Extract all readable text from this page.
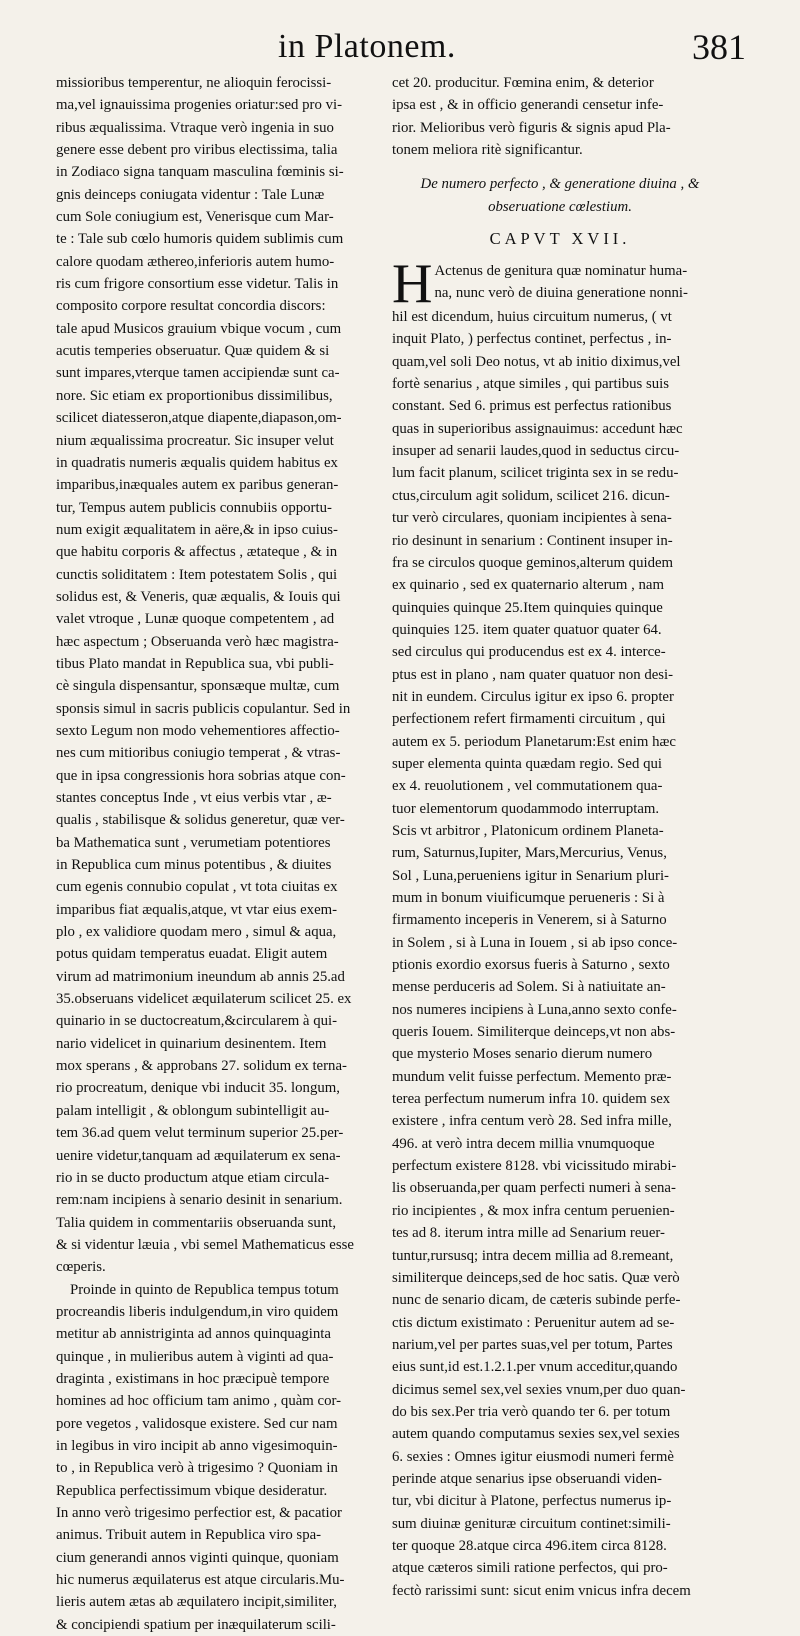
in Platonem.	381
missioribus temperentur, ne alioquin ferocissi-
ma,vel ignauissima progenies oriatur:sed pro vi-
ribus æqualissima. Vtraque verò ingenia in suo
genere esse debent pro viribus electissima, talia
in Zodiaco signa tanquam masculina fœminis si-
gnis deinceps coniugata videntur : Tale Lunæ
cum Sole coniugium est, Venerisque cum Mar-
te : Tale sub cœlo humoris quidem sublimis cum
calore quodam æthereo,inferioris autem humo-
ris cum frigore consortium esse videtur. Talis in
composito corpore resultat concordia discors:
tale apud Musicos grauium vbique vocum , cum
acutis temperies obseruatur. Quæ quidem & si
sunt impares,vterque tamen accipiendæ sunt ca-
nore. Sic etiam ex proportionibus dissimilibus,
scilicet diatesseron,atque diapente,diapason,om-
nium æqualissima procreatur. Sic insuper velut
in quadratis numeris æqualis quidem habitus ex
imparibus,inæquales autem ex paribus generan-
tur, Tempus autem publicis connubiis opportu-
num exigit æqualitatem in aëre,& in ipso cuius-
que habitu corporis & affectus , ætateque , & in
cunctis soliditatem : Item potestatem Solis , qui
solidus est, & Veneris, quæ æqualis, & Iouis qui
valet vtroque , Lunæ quoque competentem , ad
hæc aspectum ; Obseruanda verò hæc magistra-
tibus Plato mandat in Republica sua, vbi publi-
cè singula dispensantur, sponsæque multæ, cum
sponsis simul in sacris publicis copulantur. Sed in
sexto Legum non modo vehementiores affectio-
nes cum mitioribus coniugio temperat , & vtras-
que in ipsa congressionis hora sobrias atque con-
stantes conceptus Inde , vt eius verbis vtar , æ-
qualis , stabilisque & solidus generetur, quæ ver-
ba Mathematica sunt , verumetiam potentiores
in Republica cum minus potentibus , & diuites
cum egenis connubio copulat , vt tota ciuitas ex
imparibus fiat æqualis,atque, vt vtar eius exem-
plo , ex validiore quodam mero , simul & aqua,
potus quidam temperatus euadat. Eligit autem
virum ad matrimonium ineundum ab annis 25.ad
35.obseruans videlicet æquilaterum scilicet 25. ex
quinario in se ductocreatum,&circularem à qui-
nario videlicet in quinarium desinentem. Item
mox sperans , & approbans 27. solidum ex terna-
rio procreatum, denique vbi inducit 35. longum,
palam intelligit , & oblongum subintelligit au-
tem 36.ad quem velut terminum superior 25.per-
uenire videtur,tanquam ad æquilaterum ex sena-
rio in se ducto productum atque etiam circula-
rem:nam incipiens à senario desinit in senarium.
Talia quidem in commentariis obseruanda sunt,
& si videntur læuia , vbi semel Mathematicus esse
cœperis.
Proinde in quinto de Republica tempus totum
procreandis liberis indulgendum,in viro quidem
metitur ab annistriginta ad annos quinquaginta
quinque , in mulieribus autem à viginti ad qua-
draginta , existimans in hoc præcipuè tempore
homines ad hoc officium tam animo , quàm cor-
pore vegetos , validosque existere. Sed cur nam
in legibus in viro incipit ab anno vigesimoquin-
to , in Republica verò à trigesimo ? Quoniam in
Republica perfectissimum vbique desideratur.
In anno verò trigesimo perfectior est, & pacatior
animus. Tribuit autem in Republica viro spa-
cium generandi annos viginti quinque, quoniam
hic numerus æquilaterus est atque circularis.Mu-
lieris autem ætas ab æquilatero incipit,similiter,
& concipiendi spatium per inæquilaterum scili-
cet 20. producitur. Fœmina enim, & deterior
ipsa est , & in officio generandi censetur infe-
rior. Melioribus verò figuris & signis apud Pla-
tonem meliora ritè significantur.
De numero perfecto , & generatione diuina , &
obseruatione cœlestium.
CAPVT XVII.
H Actenus de genitura quæ nominatur huma-
na, nunc verò de diuina generatione nonni-
hil est dicendum, huius circuitum numerus, ( vt
inquit Plato, ) perfectus continet, perfectus , in-
quam,vel soli Deo notus, vt ab initio diximus,vel
fortè senarius , atque similes , qui partibus suis
constant. Sed 6. primus est perfectus rationibus
quas in superioribus assignauimus: accedunt hæc
insuper ad senarii laudes,quod in seductus circu-
lum facit planum, scilicet triginta sex in se redu-
ctus,circulum agit solidum, scilicet 216. dicun-
tur verò circulares, quoniam incipientes à sena-
rio desinunt in senarium : Continent insuper in-
fra se circulos quoque geminos,alterum quidem
ex quinario , sed ex quaternario alterum , nam
quinquies quinque 25.Item quinquies quinque
quinquies 125. item quater quatuor quater 64.
sed circulus qui producendus est ex 4. interce-
ptus est in plano , nam quater quatuor non desi-
nit in eundem. Circulus igitur ex ipso 6. propter
perfectionem refert firmamenti circuitum , qui
autem ex 5. periodum Planetarum:Est enim hæc
super elementa quinta quædam regio. Sed qui
ex 4. reuolutionem , vel commutationem qua-
tuor elementorum quodammodo interruptam.
Scis vt arbitror , Platonicum ordinem Planeta-
rum, Saturnus,Iupiter, Mars,Mercurius, Venus,
Sol , Luna,perueniens igitur in Senarium pluri-
mum in bonum viuificumque perueneris : Si à
firmamento inceperis in Venerem, si à Saturno
in Solem , si à Luna in Iouem , si ab ipso conce-
ptionis exordio exorsus fueris à Saturno , sexto
mense perduceris ad Solem. Si à natiuitate an-
nos numeres incipiens à Luna,anno sexto confe-
queris Iouem. Similiterque deinceps,vt non abs-
que mysterio Moses senario dierum numero
mundum velit fuisse perfectum. Memento præ-
terea perfectum numerum infra 10. quidem sex
existere , infra centum verò 28. Sed infra mille,
496. at verò intra decem millia vnumquoque
perfectum existere 8128. vbi vicissitudo mirabi-
lis obseruanda,per quam perfecti numeri à sena-
rio incipientes , & mox infra centum peruenien-
tes ad 8. iterum intra mille ad Senarium reuer-
tuntur,rursusq; intra decem millia ad 8.remeant,
similiterque deinceps,sed de hoc satis. Quæ verò
nunc de senario dicam, de cæteris subinde perfe-
ctis dictum existimato : Peruenitur autem ad se-
narium,vel per partes suas,vel per totum, Partes
eius sunt,id est.1.2.1.per vnum acceditur,quando
dicimus semel sex,vel sexies vnum,per duo quan-
do bis sex.Per tria verò quando ter 6. per totum
autem quando computamus sexies sex,vel sexies
6. sexies : Omnes igitur eiusmodi numeri fermè
perinde atque senarius ipse obseruandi viden-
tur, vbi dicitur à Platone, perfectus numerus ip-
sum diuinæ genituræ circuitum continet:simili-
ter quoque 28.atque circa 496.item circa 8128.
atque cæteros simili ratione perfectos, qui pro-
fectò rarissimi sunt: sicut enim vnicus infra decem
